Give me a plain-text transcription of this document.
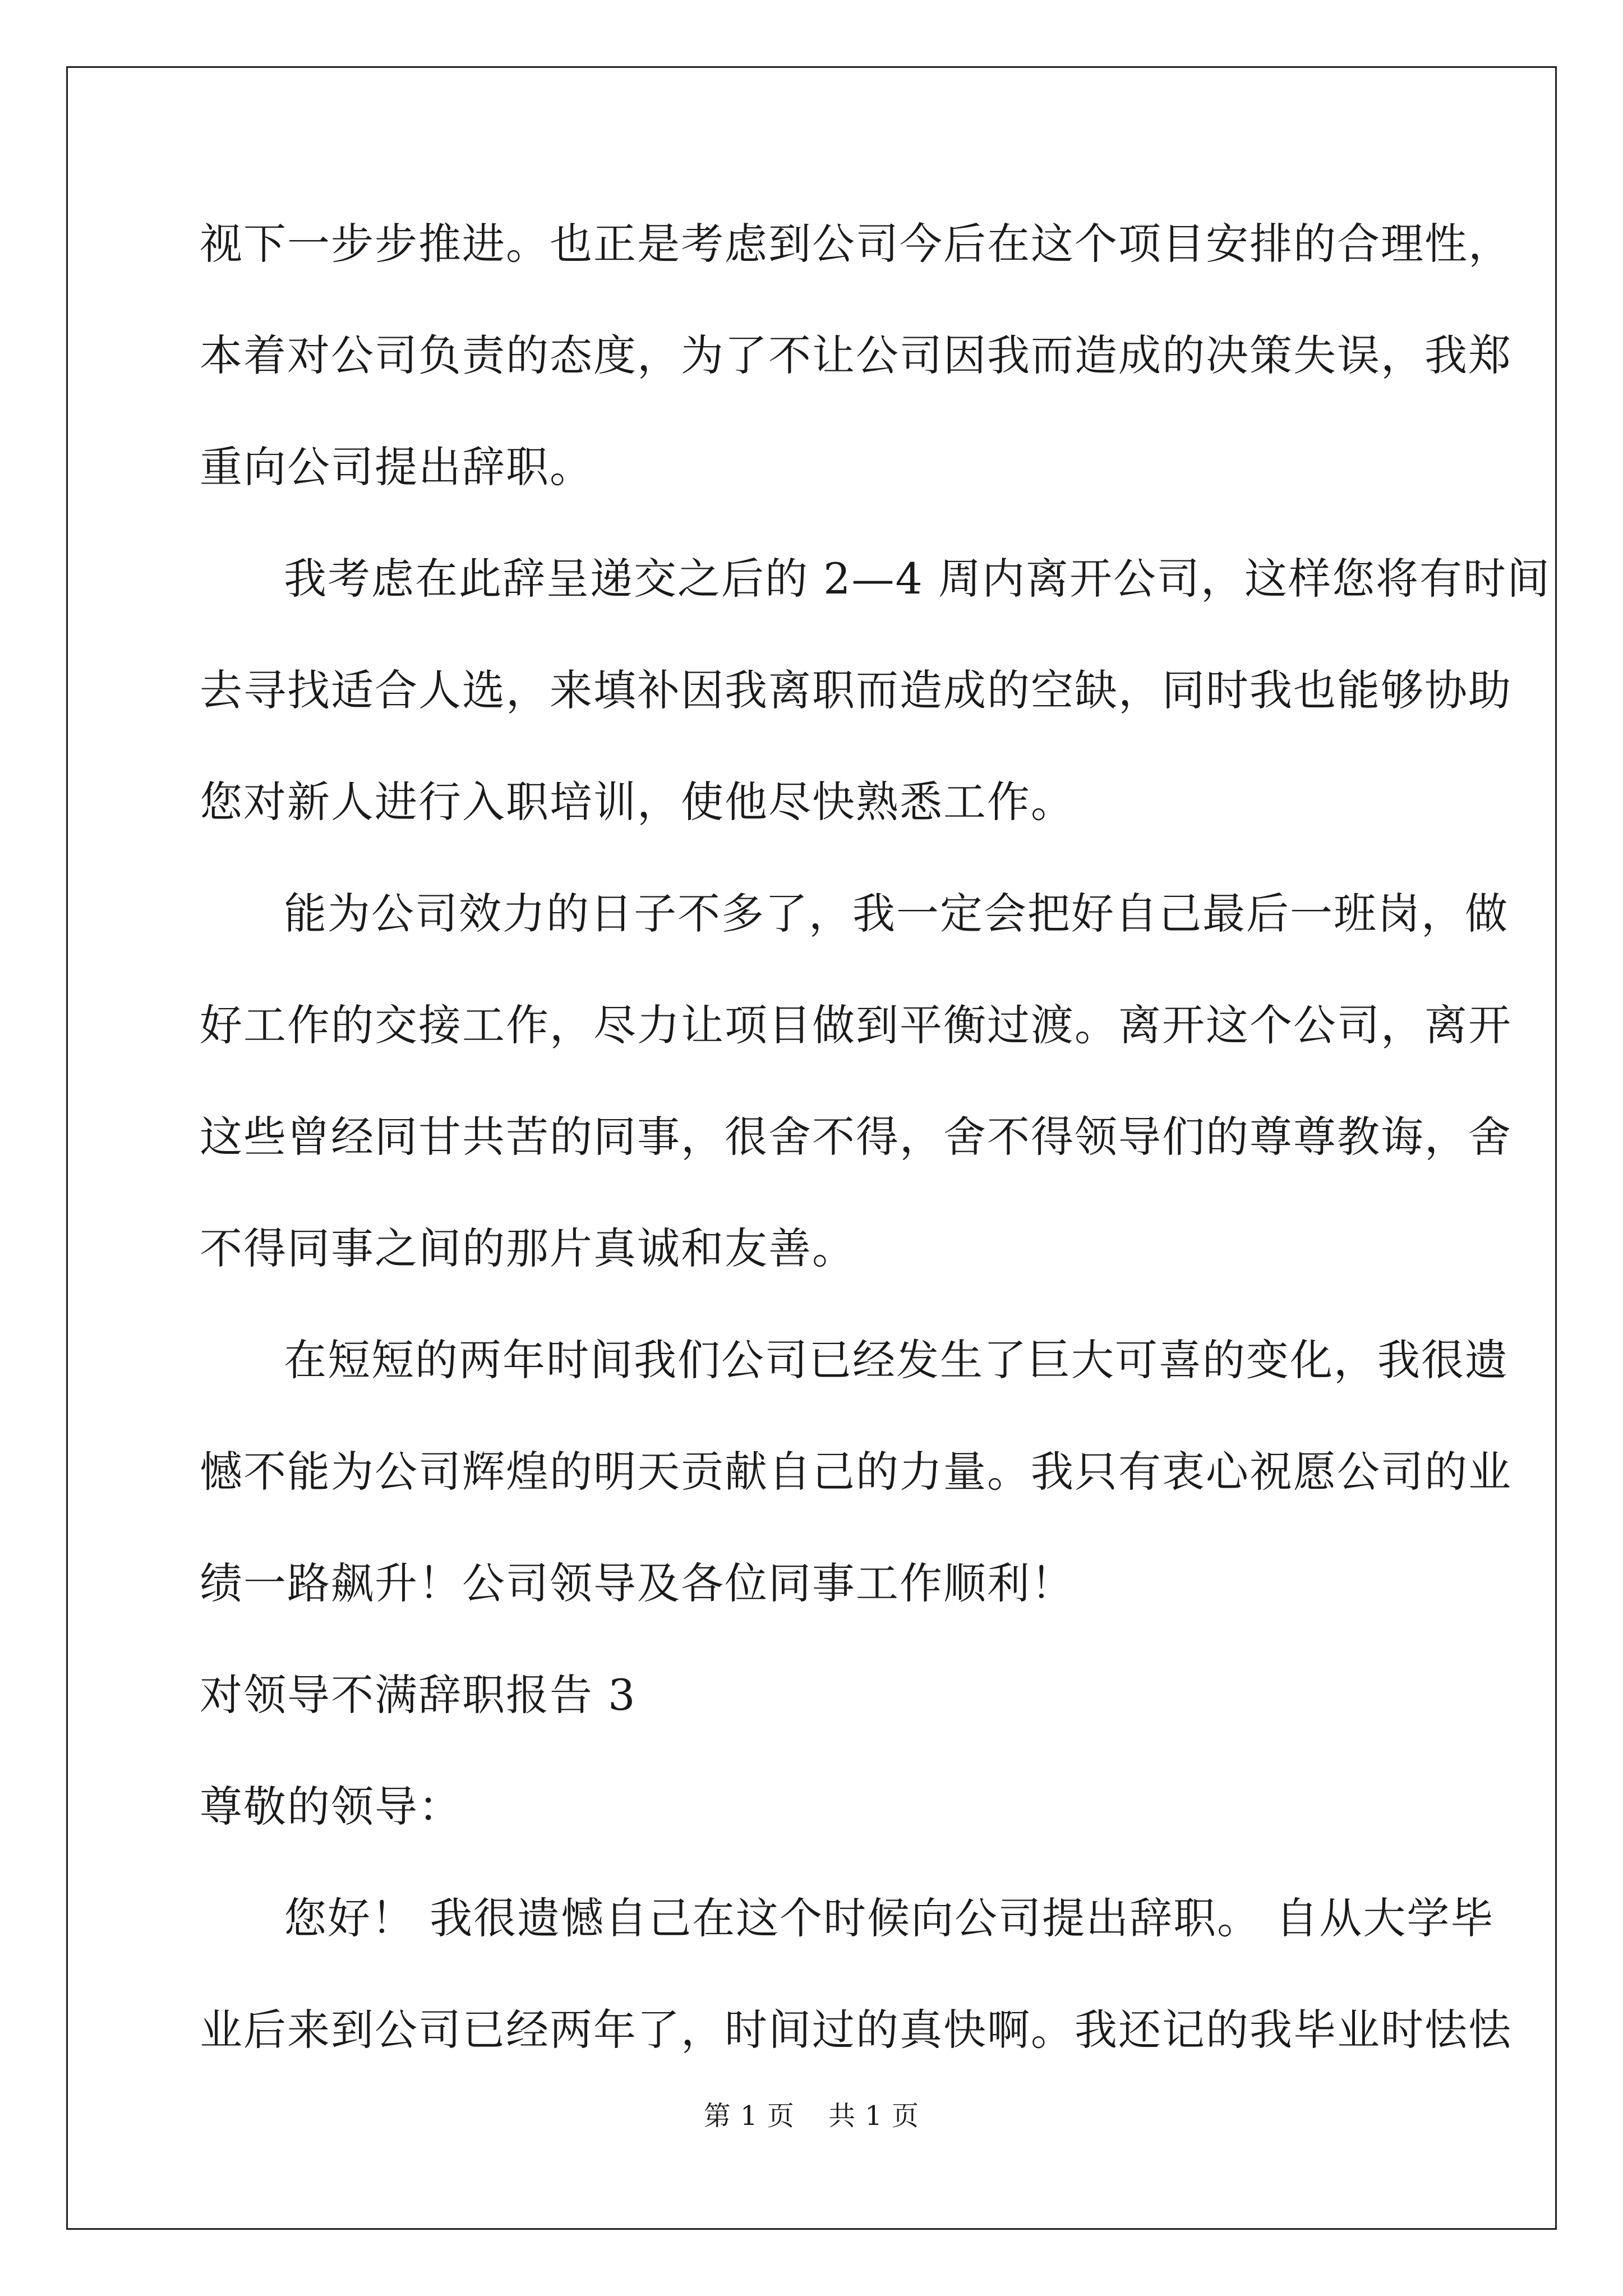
视下一步步推进。也正是考虑到公司今后在这个项目安排的合理性，
本着对公司负责的态度，为了不让公司因我而造成的决策失误，我郑
重向公司提出辞职。
我考虑在此辞呈递交之后的 2—4 周内离开公司，这样您将有时间
去寻找适合人选，来填补因我离职而造成的空缺，同时我也能够协助
您对新人进行入职培训，使他尽快熟悉工作。
能为公司效力的日子不多了，我一定会把好自己最后一班岗，做
好工作的交接工作，尽力让项目做到平衡过渡。离开这个公司，离开
这些曾经同甘共苦的同事，很舍不得，舍不得领导们的尊尊教诲，舍
不得同事之间的那片真诚和友善。
在短短的两年时间我们公司已经发生了巨大可喜的变化，我很遗
憾不能为公司辉煌的明天贡献自己的力量。我只有衷心祝愿公司的业
绩一路飙升！公司领导及各位同事工作顺利！
对领导不满辞职报告 3
尊敬的领导：
您好！ 我很遗憾自己在这个时候向公司提出辞职。 自从大学毕
业后来到公司已经两年了，时间过的真快啊。我还记的我毕业时怯怯
第 1 页 共 1 页
